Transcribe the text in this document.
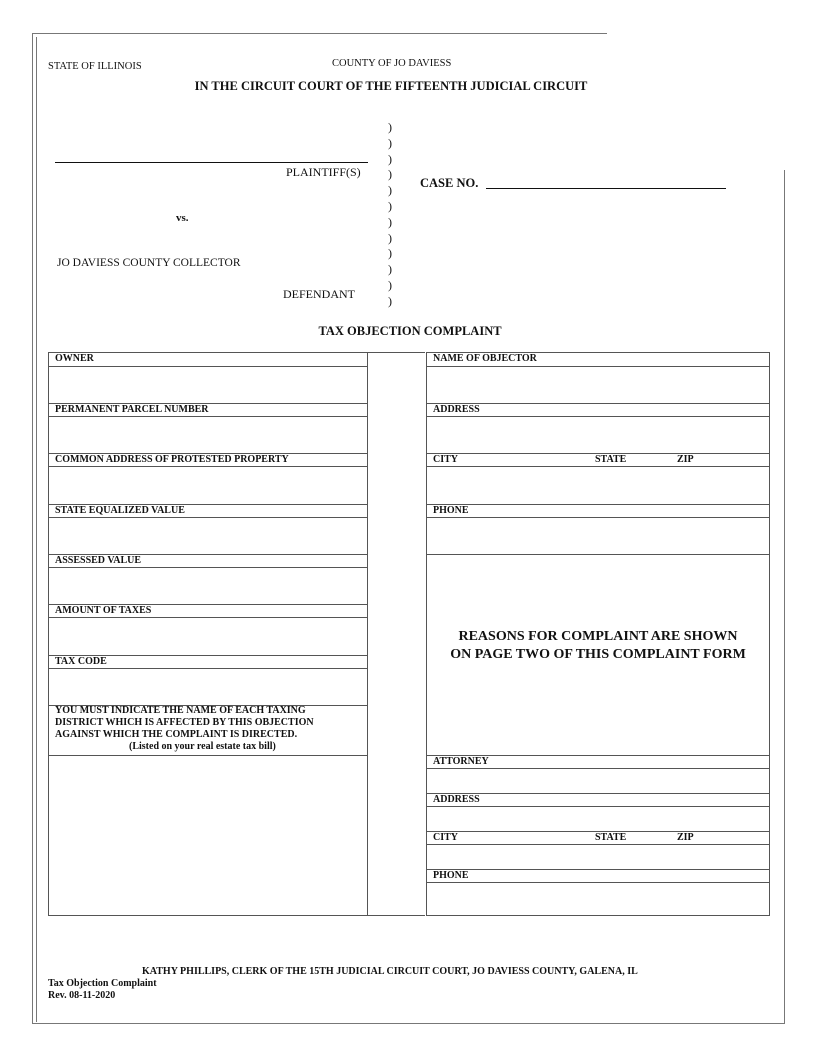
STATE OF ILLINOIS	COUNTY OF JO DAVIESS
IN THE CIRCUIT COURT OF THE FIFTEENTH JUDICIAL CIRCUIT
)
)
)
)
)
)
)
)
)
)
)
)
PLAINTIFF(S)
vs.
JO DAVIESS COUNTY COLLECTOR
DEFENDANT
CASE NO.
TAX OBJECTION COMPLAINT
OWNER
PERMANENT PARCEL NUMBER
COMMON ADDRESS OF PROTESTED PROPERTY
STATE EQUALIZED VALUE
ASSESSED VALUE
AMOUNT OF TAXES
TAX CODE
YOU MUST INDICATE THE NAME OF EACH TAXING
DISTRICT WHICH IS AFFECTED BY THIS OBJECTION
AGAINST WHICH THE COMPLAINT IS DIRECTED.
(Listed on your real estate tax bill)
NAME OF OBJECTOR
ADDRESS
CITY	STATE	ZIP
PHONE
REASONS FOR COMPLAINT ARE SHOWN
ON PAGE TWO OF THIS COMPLAINT FORM
ATTORNEY
ADDRESS
CITY	STATE	ZIP
PHONE
KATHY PHILLIPS, CLERK OF THE 15TH JUDICIAL CIRCUIT COURT, JO DAVIESS COUNTY, GALENA, IL
Tax Objection Complaint
Rev. 08-11-2020
